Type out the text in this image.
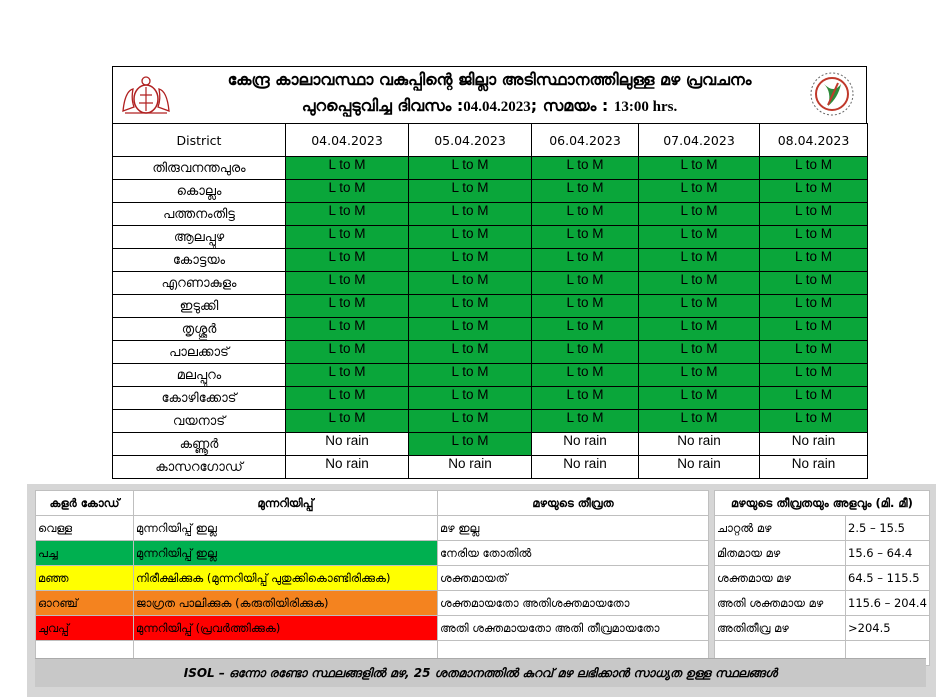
കേന്ദ്ര കാലാവസ്ഥാ വകുപ്പിന്റെ ജില്ലാ അടിസ്ഥാനത്തിലുള്ള മഴ പ്രവചനം
പുറപ്പെടുവിച്ച ദിവസം :04.04.2023; സമയം : 13:00 hrs.
District	04.04.2023	05.04.2023	06.04.2023	07.04.2023	08.04.2023
തിരുവനന്തപുരം	L to M	L to M	L to M	L to M	L to M
കൊല്ലം	L to M	L to M	L to M	L to M	L to M
പത്തനംതിട്ട	L to M	L to M	L to M	L to M	L to M
ആലപ്പുഴ	L to M	L to M	L to M	L to M	L to M
കോട്ടയം	L to M	L to M	L to M	L to M	L to M
എറണാകുളം	L to M	L to M	L to M	L to M	L to M
ഇടുക്കി	L to M	L to M	L to M	L to M	L to M
തൃശ്ശൂർ	L to M	L to M	L to M	L to M	L to M
പാലക്കാട്	L to M	L to M	L to M	L to M	L to M
മലപ്പുറം	L to M	L to M	L to M	L to M	L to M
കോഴിക്കോട്	L to M	L to M	L to M	L to M	L to M
വയനാട്	L to M	L to M	L to M	L to M	L to M
കണ്ണൂർ	No rain	L to M	No rain	No rain	No rain
കാസറഗോഡ്	No rain	No rain	No rain	No rain	No rain
കളർ കോഡ്	മുന്നറിയിപ്പ്	മഴയുടെ തീവ്രത		മഴയുടെ തീവ്രതയും അളവും (മി. മീ)	
വെള്ള	മുന്നറിയിപ്പ് ഇല്ല	മഴ ഇല്ല		ചാറ്റൽ മഴ	2.5 – 15.5
പച്ച	മുന്നറിയിപ്പ് ഇല്ല	നേരിയ തോതിൽ		മിതമായ മഴ	15.6 – 64.4
മഞ്ഞ	നിരീക്ഷിക്കുക (മുന്നറിയിപ്പ് പുതുക്കികൊണ്ടിരിക്കുക)	ശക്തമായത്		ശക്തമായ മഴ	64.5 – 115.5
ഓറഞ്ച്	ജാഗ്രത പാലിക്കുക (കരുതിയിരിക്കുക)	ശക്തമായതോ അതിശക്തമായതോ		അതി ശക്തമായ മഴ	115.6 – 204.4
ചുവപ്പ്	മുന്നറിയിപ്പ് (പ്രവർത്തിക്കുക)	അതി ശക്തമായതോ അതി തീവ്രമായതോ		അതിതീവ്ര മഴ	>204.5

ISOL – ഒന്നോ രണ്ടോ സ്ഥലങ്ങളിൽ മഴ, 25 ശതമാനത്തിൽ കുറവ് മഴ ലഭിക്കാൻ സാധ്യത ഉള്ള സ്ഥലങ്ങൾ
